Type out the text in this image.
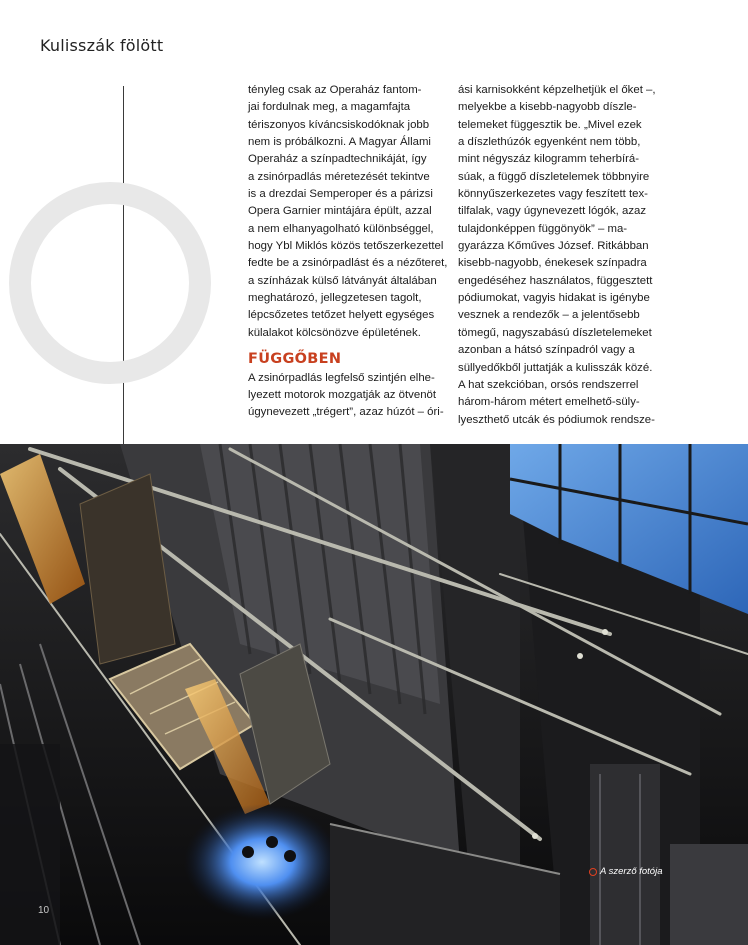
Kulisszák fölött

tényleg csak az Operaház fantom-

jai fordulnak meg, a magamfajta

tériszonyos kíváncsiskodóknak jobb

nem is próbálkozni. A Magyar Állami

Operaház a színpadtechnikáját, így

a zsinórpadlás méretezését tekintve

is a drezdai Semperoper és a párizsi

Opera Garnier mintájára épült, azzal

a nem elhanyagolható különbséggel,

hogy Ybl Miklós közös tetőszerkezettel

fedte be a zsinórpadlást és a nézőteret,

a színházak külső látványát általában

meghatározó, jellegzetesen tagolt,

lépcsőzetes tetőzet helyett egységes

külalakot kölcsönözve épületének.

FÜGGŐBEN

A zsinórpadlás legfelső szintjén elhe-

lyezett motorok mozgatják az ötvenöt

úgynevezett „trégert”, azaz húzót – óri-

ási karnisokként képzelhetjük el őket –,

melyekbe a kisebb-nagyobb díszle-

telemeket függesztik be. „Mivel ezek

a díszlethúzók egyenként nem több,

mint négyszáz kilogramm teherbírá-

súak, a függő díszletelemek többnyire

könnyűszerkezetes vagy feszített tex-

tilfalak, vagy úgynevezett lógók, azaz

tulajdonképpen függönyök” – ma-

gyarázza Kőműves József. Ritkábban

kisebb-nagyobb, énekesek színpadra

engedéséhez használatos, függesztett

pódiumokat, vagyis hidakat is igénybe

vesznek a rendezők – a jelentősebb

tömegű, nagyszabású díszletelemeket

azonban a hátsó színpadról vagy a

süllyedőkből juttatják a kulisszák közé.

A hat szekcióban, orsós rendszerrel

három-három métert emelhető-süly-

lyeszthető utcák és pódiumok rendsze-

A szerző fotója
10
